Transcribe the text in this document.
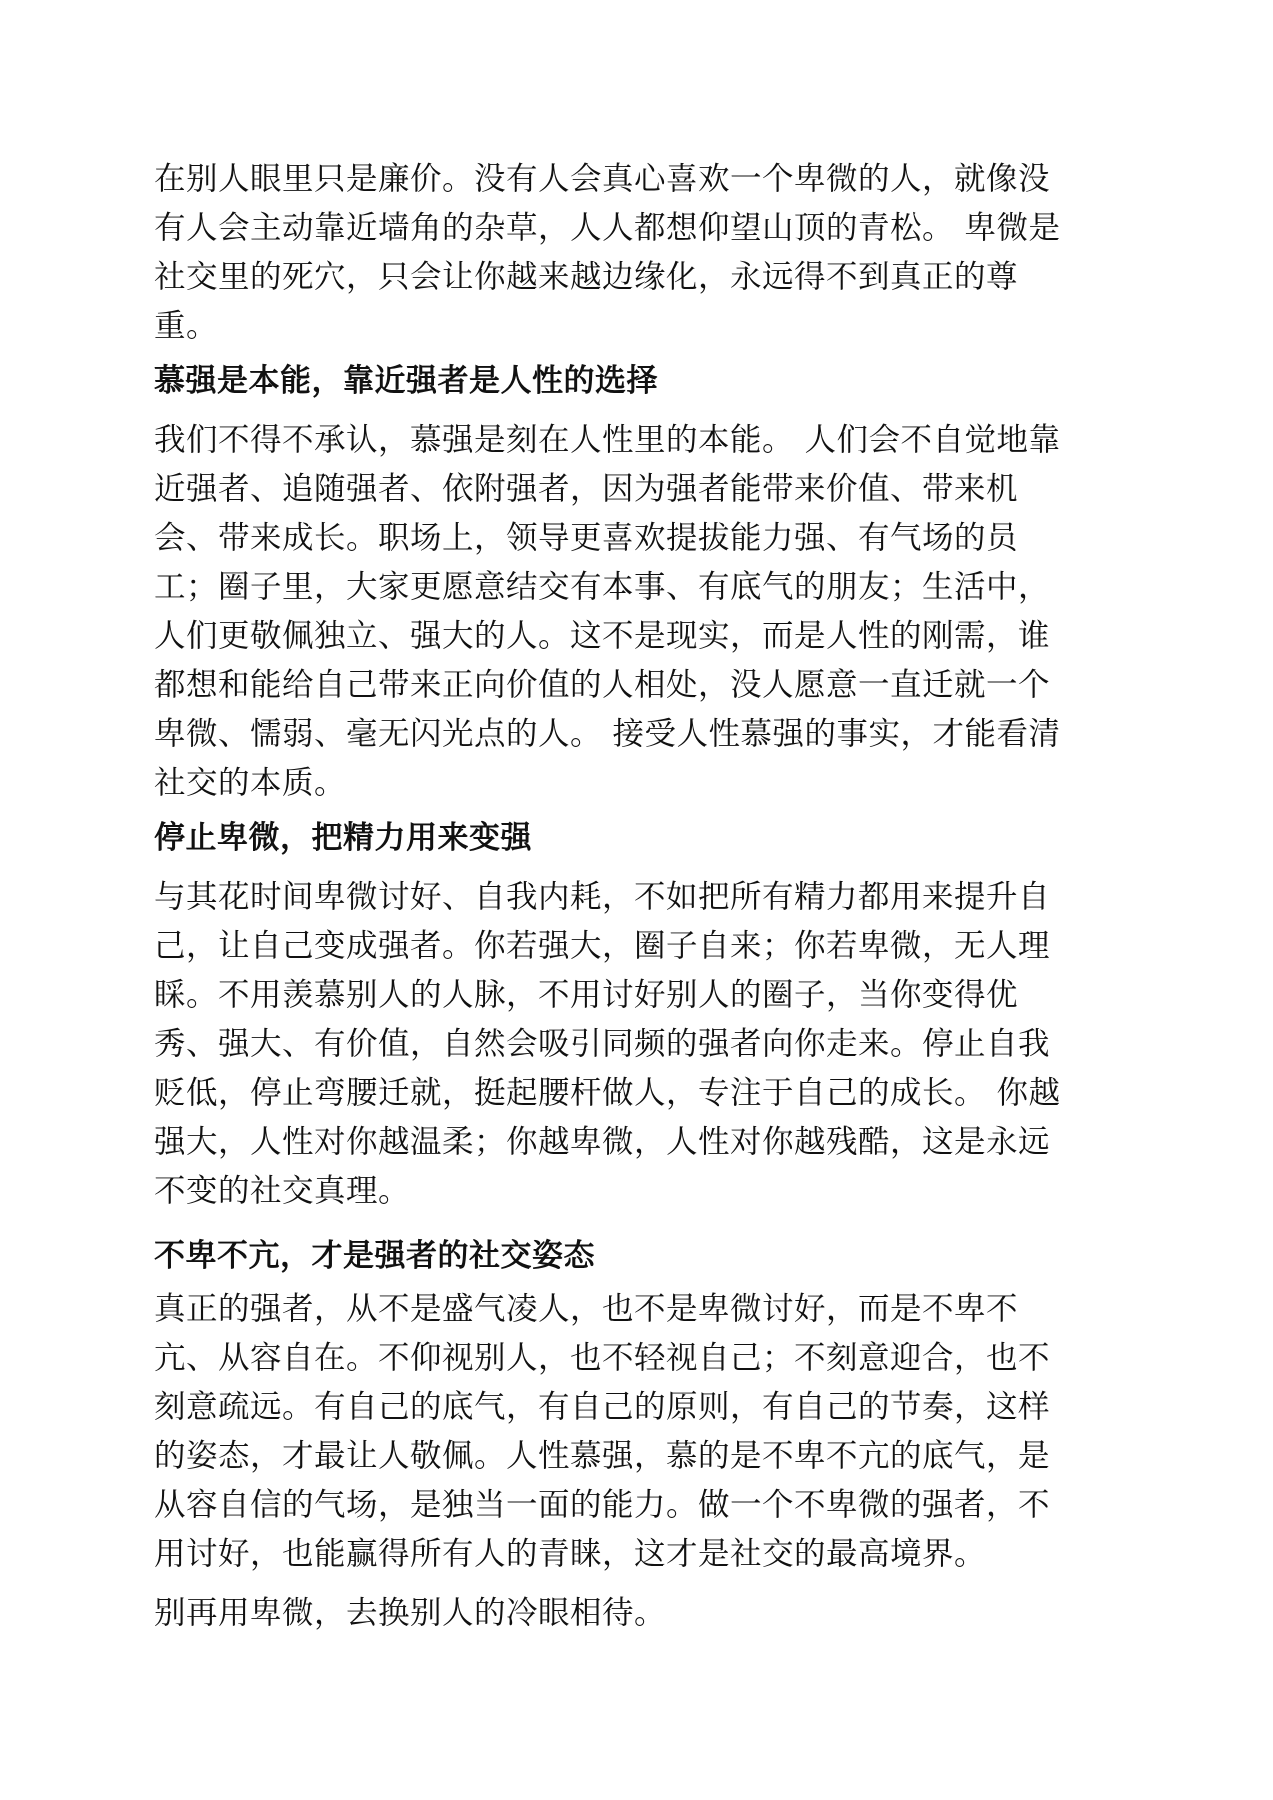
在别人眼里只是廉价。没有人会真心喜欢一个卑微的人，就像没
有人会主动靠近墙角的杂草，人人都想仰望山顶的青松。 卑微是
社交里的死穴，只会让你越来越边缘化，永远得不到真正的尊
重。

慕强是本能，靠近强者是人性的选择

我们不得不承认，慕强是刻在人性里的本能。 人们会不自觉地靠
近强者、追随强者、依附强者，因为强者能带来价值、带来机
会、带来成长。职场上，领导更喜欢提拔能力强、有气场的员
工；圈子里，大家更愿意结交有本事、有底气的朋友；生活中，
人们更敬佩独立、强大的人。这不是现实，而是人性的刚需，谁
都想和能给自己带来正向价值的人相处，没人愿意一直迁就一个
卑微、懦弱、毫无闪光点的人。 接受人性慕强的事实，才能看清
社交的本质。

停止卑微，把精力用来变强

与其花时间卑微讨好、自我内耗，不如把所有精力都用来提升自
己，让自己变成强者。你若强大，圈子自来；你若卑微，无人理
睬。不用羡慕别人的人脉，不用讨好别人的圈子，当你变得优
秀、强大、有价值，自然会吸引同频的强者向你走来。停止自我
贬低，停止弯腰迁就，挺起腰杆做人，专注于自己的成长。 你越
强大，人性对你越温柔；你越卑微，人性对你越残酷，这是永远
不变的社交真理。

不卑不亢，才是强者的社交姿态

真正的强者，从不是盛气凌人，也不是卑微讨好，而是不卑不
亢、从容自在。不仰视别人，也不轻视自己；不刻意迎合，也不
刻意疏远。有自己的底气，有自己的原则，有自己的节奏，这样
的姿态，才最让人敬佩。人性慕强，慕的是不卑不亢的底气，是
从容自信的气场，是独当一面的能力。做一个不卑微的强者，不
用讨好，也能赢得所有人的青睐，这才是社交的最高境界。

别再用卑微，去换别人的冷眼相待。
